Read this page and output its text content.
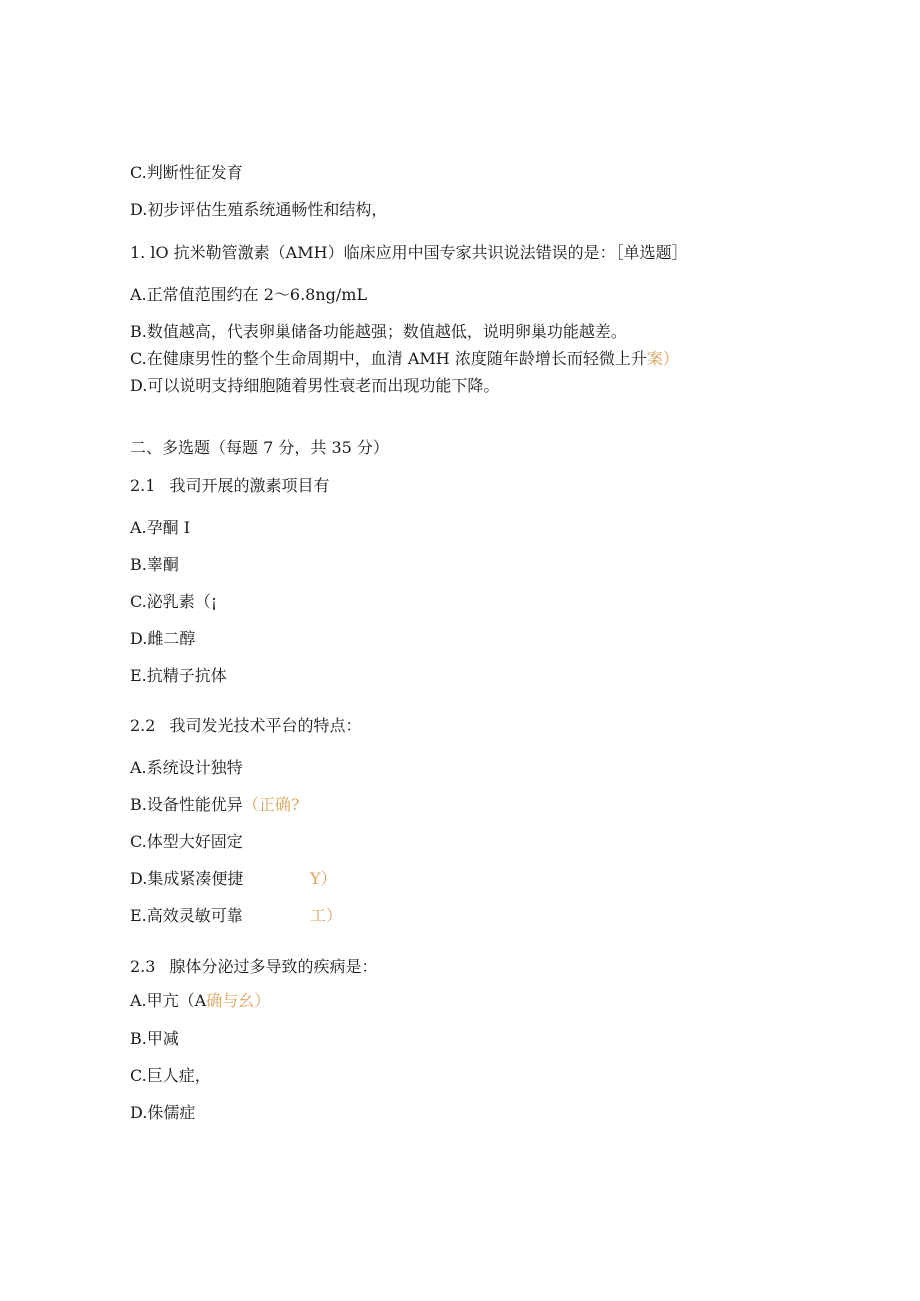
C.判断性征发育
D.初步评估生殖系统通畅性和结构，
1. lO 抗米勒管激素（AMH）临床应用中国专家共识说法错误的是：［单选题］
A.正常值范围约在 2～6.8ng/mL
B.数值越高，代表卵巢储备功能越强；数值越低，说明卵巢功能越差。
C.在健康男性的整个生命周期中，血清 AMH 浓度随年龄增长而轻微上升案）
D.可以说明支持细胞随着男性衰老而出现功能下降。
二、多选题（每题 7 分，共 35 分）
2.1 我司开展的激素项目有
A.孕酮 I
B.睾酮
C.泌乳素（¡
D.雌二醇
E.抗精子抗体
2.2 我司发光技术平台的特点：
A.系统设计独特
B.设备性能优异（正确?
C.体型大好固定
D.集成紧凑便捷	Y）
E.高效灵敏可靠	工）
2.3 腺体分泌过多导致的疾病是：
A.甲亢（A确与幺）
B.甲减
C.巨人症，
D.侏儒症
